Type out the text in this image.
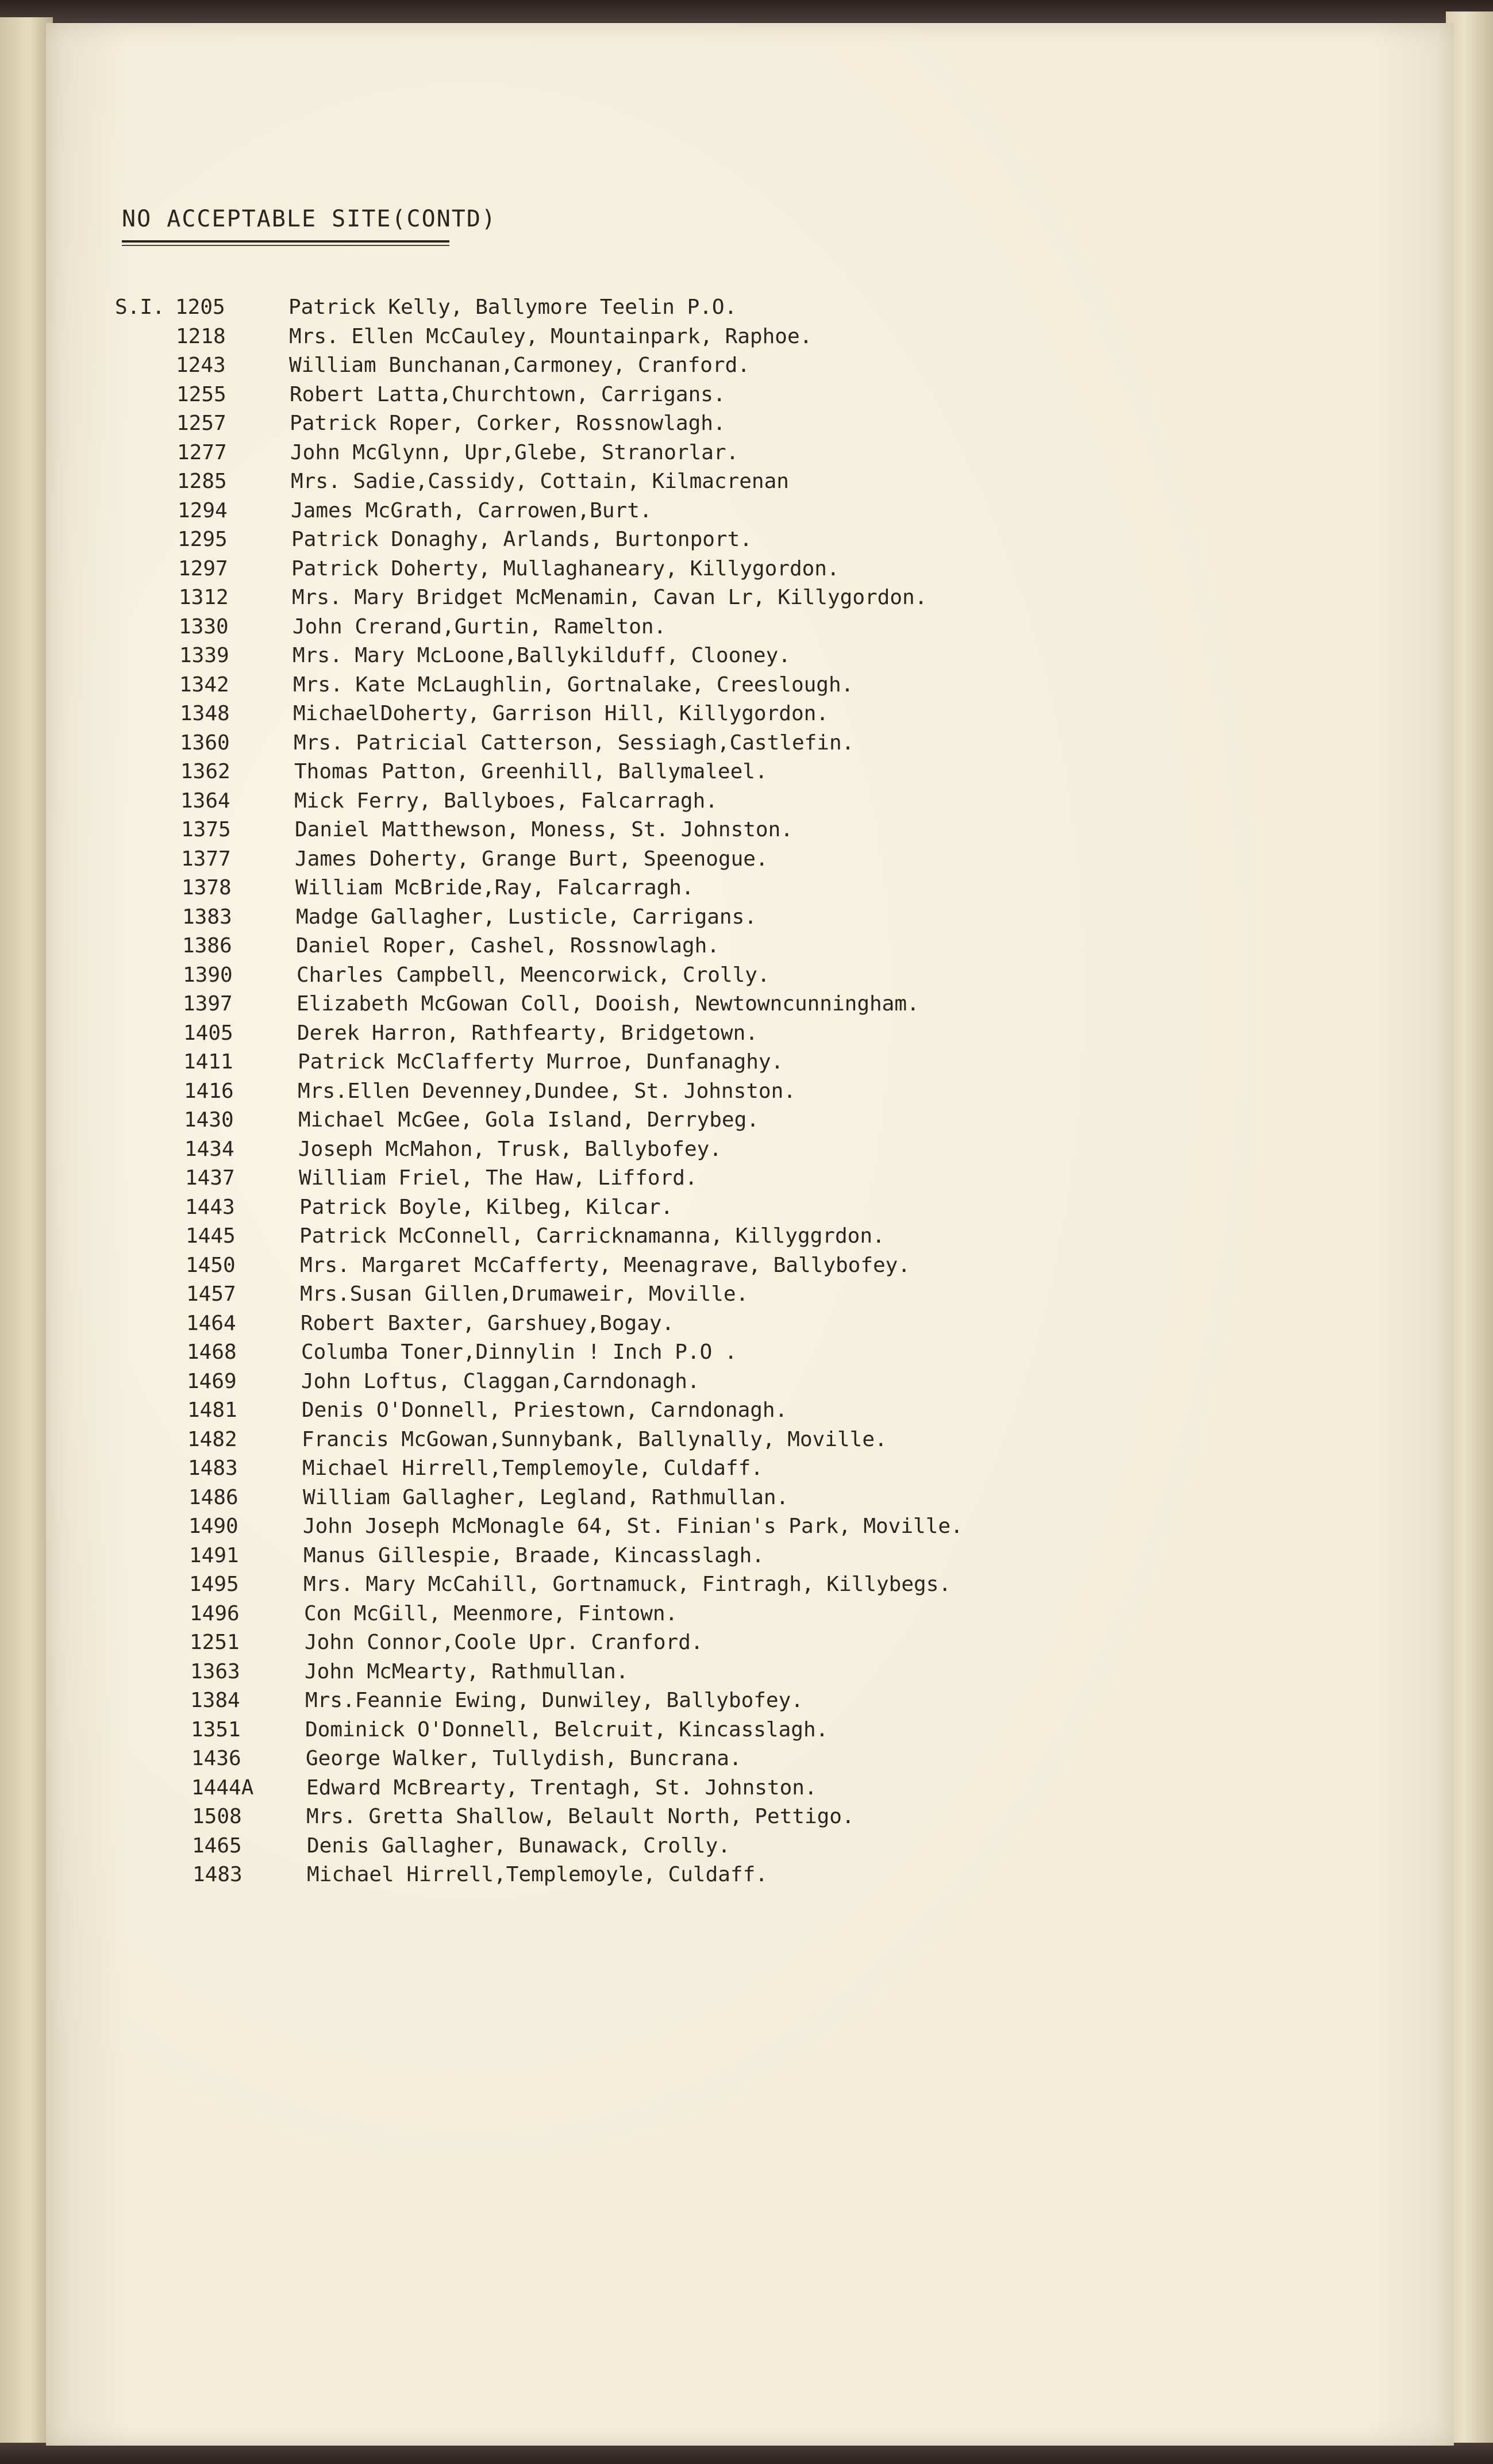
NO ACCEPTABLE SITE(CONTD)
S.I. 1205	Patrick Kelly, Ballymore Teelin P.O.
1218	Mrs. Ellen McCauley, Mountainpark, Raphoe.
1243	William Bunchanan,Carmoney, Cranford.
1255	Robert Latta,Churchtown, Carrigans.
1257	Patrick Roper, Corker, Rossnowlagh.
1277	John McGlynn, Upr,Glebe, Stranorlar.
1285	Mrs. Sadie,Cassidy, Cottain, Kilmacrenan
1294	James McGrath, Carrowen,Burt.
1295	Patrick Donaghy, Arlands, Burtonport.
1297	Patrick Doherty, Mullaghaneary, Killygordon.
1312	Mrs. Mary Bridget McMenamin, Cavan Lr, Killygordon.
1330	John Crerand,Gurtin, Ramelton.
1339	Mrs. Mary McLoone,Ballykilduff, Clooney.
1342	Mrs. Kate McLaughlin, Gortnalake, Creeslough.
1348	MichaelDoherty, Garrison Hill, Killygordon.
1360	Mrs. Patricial Catterson, Sessiagh,Castlefin.
1362	Thomas Patton, Greenhill, Ballymaleel.
1364	Mick Ferry, Ballyboes, Falcarragh.
1375	Daniel Matthewson, Moness, St. Johnston.
1377	James Doherty, Grange Burt, Speenogue.
1378	William McBride,Ray, Falcarragh.
1383	Madge Gallagher, Lusticle, Carrigans.
1386	Daniel Roper, Cashel, Rossnowlagh.
1390	Charles Campbell, Meencorwick, Crolly.
1397	Elizabeth McGowan Coll, Dooish, Newtowncunningham.
1405	Derek Harron, Rathfearty, Bridgetown.
1411	Patrick McClafferty Murroe, Dunfanaghy.
1416	Mrs.Ellen Devenney,Dundee, St. Johnston.
1430	Michael McGee, Gola Island, Derrybeg.
1434	Joseph McMahon, Trusk, Ballybofey.
1437	William Friel, The Haw, Lifford.
1443	Patrick Boyle, Kilbeg, Kilcar.
1445	Patrick McConnell, Carricknamanna, Killyggrdon.
1450	Mrs. Margaret McCafferty, Meenagrave, Ballybofey.
1457	Mrs.Susan Gillen,Drumaweir, Moville.
1464	Robert Baxter, Garshuey,Bogay.
1468	Columba Toner,Dinnylin ! Inch P.O .
1469	John Loftus, Claggan,Carndonagh.
1481	Denis O'Donnell, Priestown, Carndonagh.
1482	Francis McGowan,Sunnybank, Ballynally, Moville.
1483	Michael Hirrell,Templemoyle, Culdaff.
1486	William Gallagher, Legland, Rathmullan.
1490	John Joseph McMonagle 64, St. Finian's Park, Moville.
1491	Manus Gillespie, Braade, Kincasslagh.
1495	Mrs. Mary McCahill, Gortnamuck, Fintragh, Killybegs.
1496	Con McGill, Meenmore, Fintown.
1251	John Connor,Coole Upr. Cranford.
1363	John McMearty, Rathmullan.
1384	Mrs.Feannie Ewing, Dunwiley, Ballybofey.
1351	Dominick O'Donnell, Belcruit, Kincasslagh.
1436	George Walker, Tullydish, Buncrana.
1444A	Edward McBrearty, Trentagh, St. Johnston.
1508	Mrs. Gretta Shallow, Belault North, Pettigo.
1465	Denis Gallagher, Bunawack, Crolly.
1483	Michael Hirrell,Templemoyle, Culdaff.
